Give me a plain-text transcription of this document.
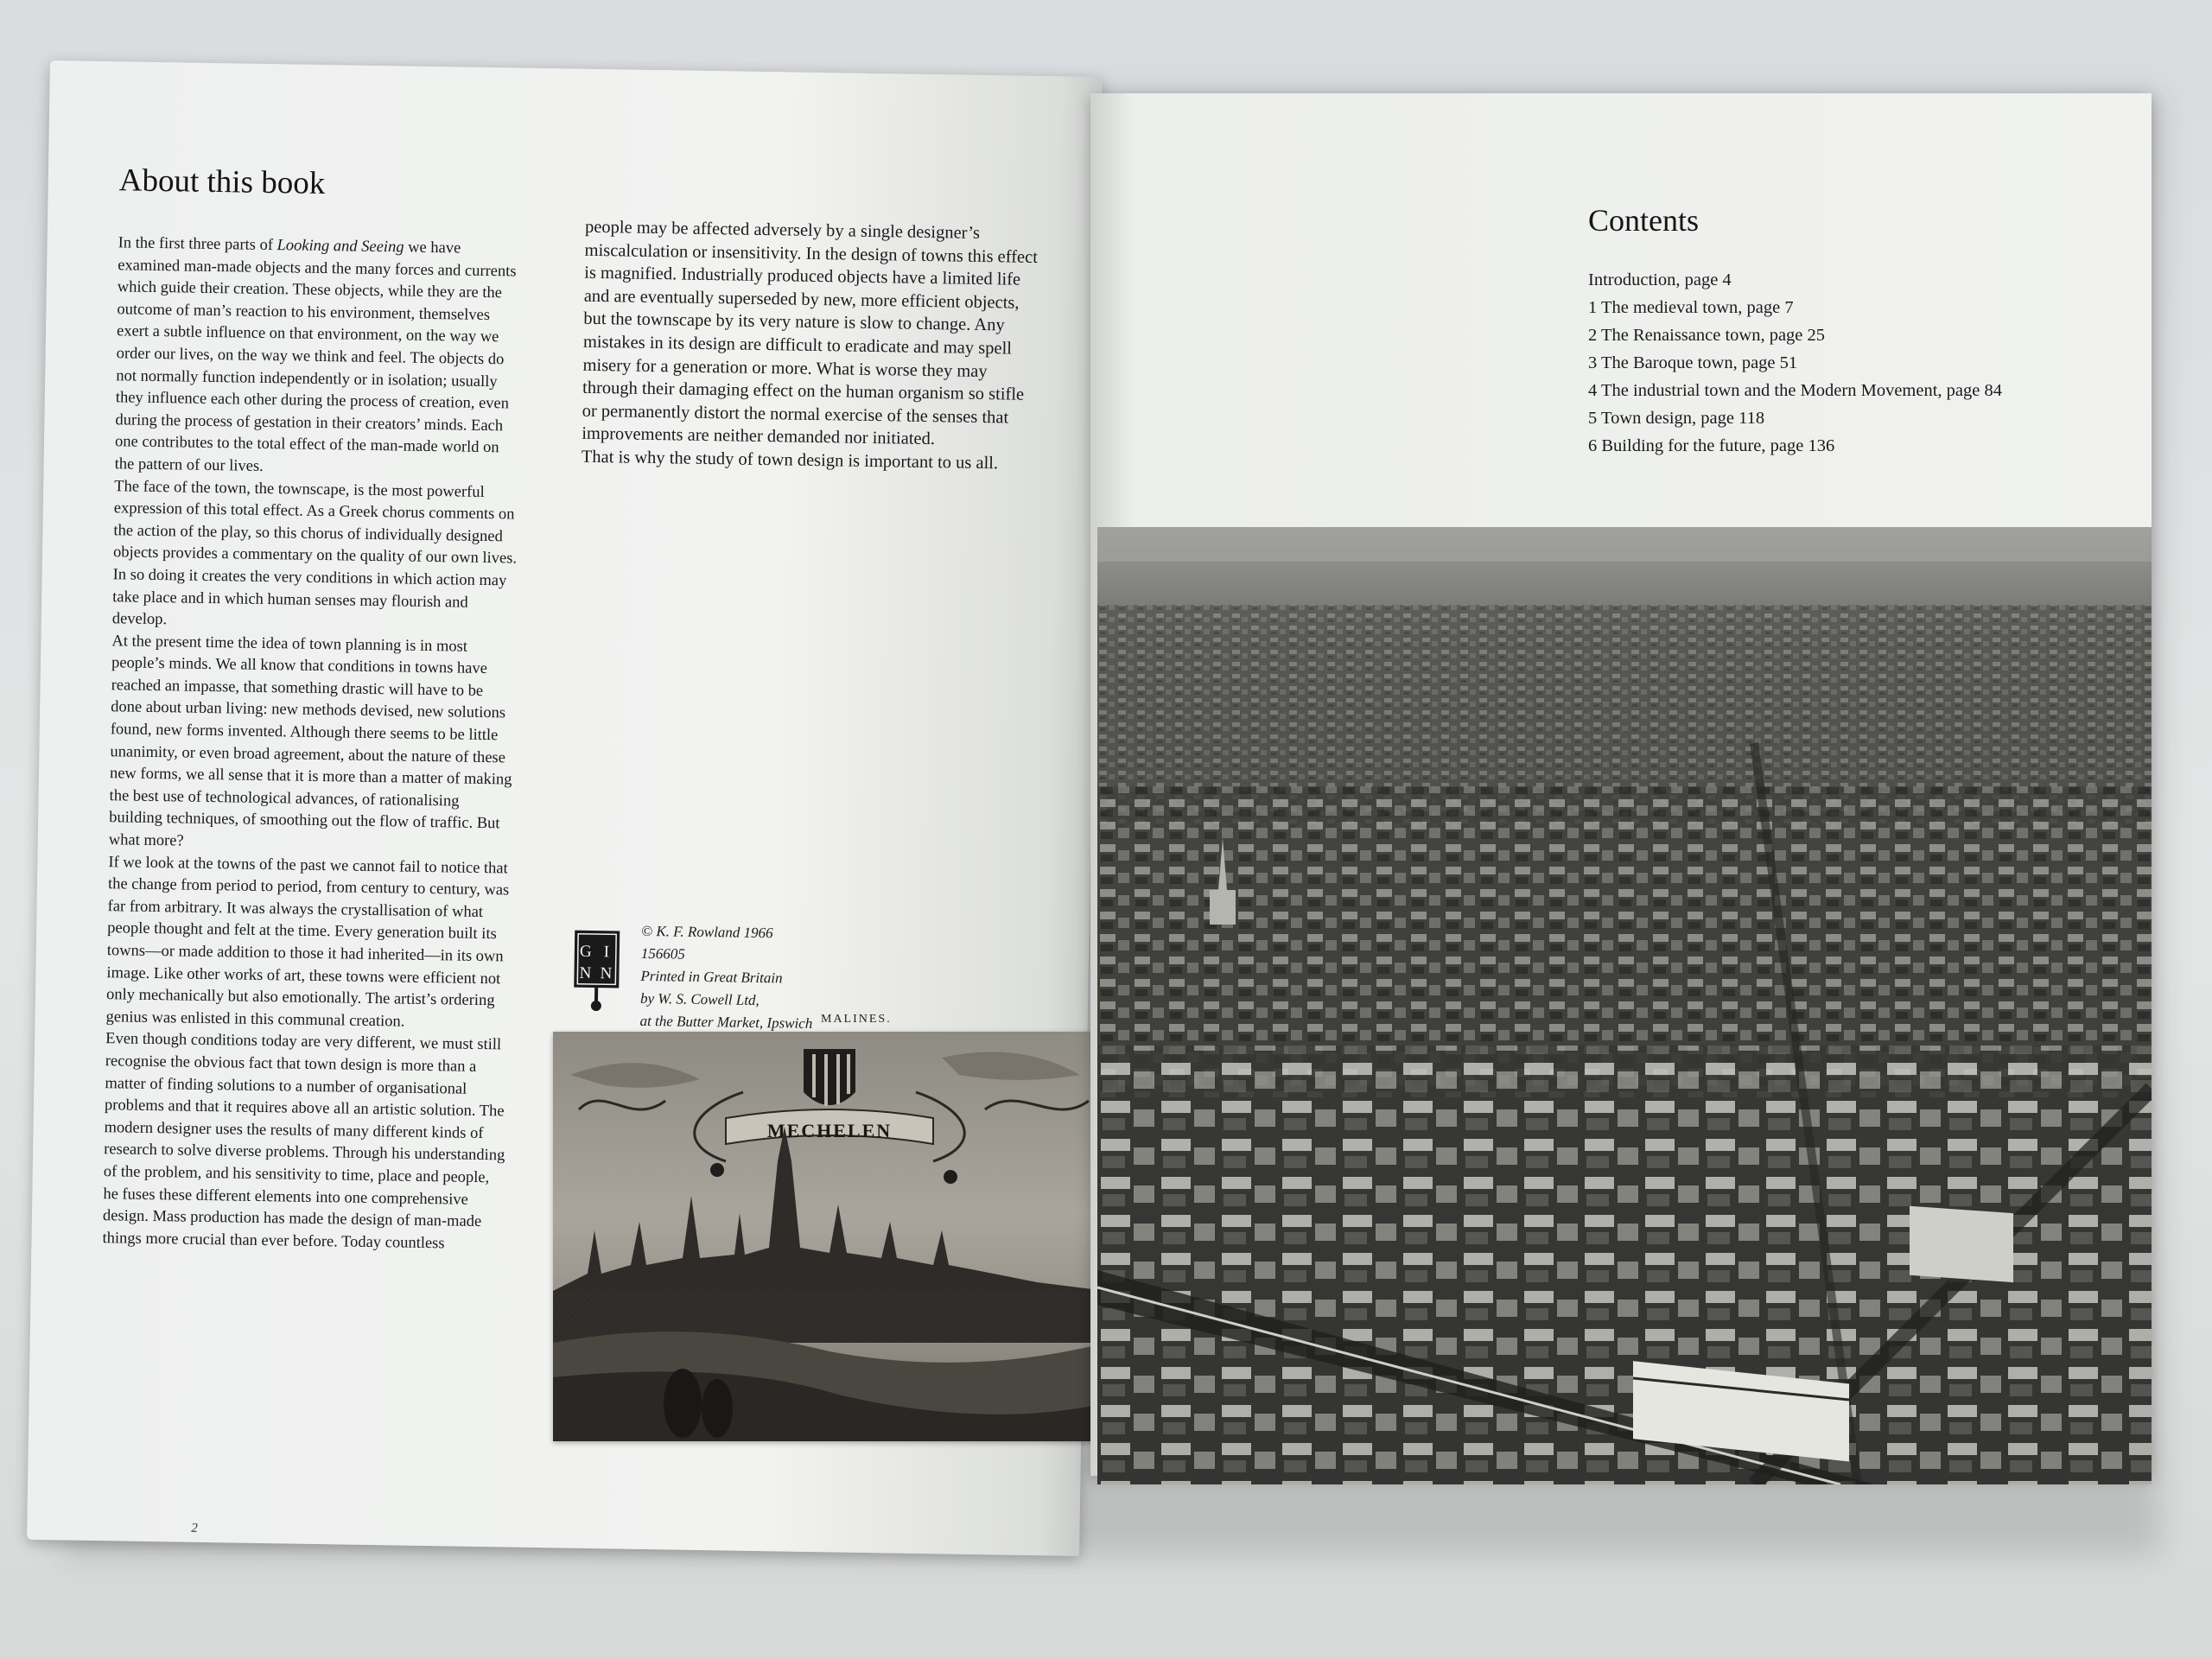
About this book

In the first three parts of Looking and Seeing we have examined man-made objects and the many forces and currents which guide their creation. These objects, while they are the outcome of man’s reaction to his environment, themselves exert a subtle influence on that environment, on the way we order our lives, on the way we think and feel. The objects do not normally function independently or in isolation; usually they influence each other during the process of creation, even during the process of gestation in their creators’ minds. Each one contributes to the total effect of the man-made world on the pattern of our lives.

The face of the town, the townscape, is the most powerful expression of this total effect. As a Greek chorus comments on the action of the play, so this chorus of individually designed objects provides a commentary on the quality of our own lives. In so doing it creates the very conditions in which action may take place and in which human senses may flourish and develop.

At the present time the idea of town planning is in most people’s minds. We all know that conditions in towns have reached an impasse, that something drastic will have to be done about urban living: new methods devised, new solutions found, new forms invented. Although there seems to be little unanimity, or even broad agreement, about the nature of these new forms, we all sense that it is more than a matter of making the best use of technological advances, of rationalising building techniques, of smoothing out the flow of traffic. But what more?

If we look at the towns of the past we cannot fail to notice that the change from period to period, from century to century, was far from arbitrary. It was always the crystallisation of what people thought and felt at the time. Every generation built its towns—or made addition to those it had inherited—in its own image. Like other works of art, these towns were efficient not only mechanically but also emotionally. The artist’s ordering genius was enlisted in this communal creation.

Even though conditions today are very different, we must still recognise the obvious fact that town design is more than a matter of finding solutions to a number of organisational problems and that it requires above all an artistic solution. The modern designer uses the results of many different kinds of research to solve diverse problems. Through his understanding of the problem, and his sensitivity to time, place and people, he fuses these different elements into one comprehensive design. Mass production has made the design of man-made things more crucial than ever before. Today countless

people may be affected adversely by a single designer’s miscalculation or insensitivity. In the design of towns this effect is magnified. Industrially produced objects have a limited life and are eventually superseded by new, more efficient objects, but the townscape by its very nature is slow to change. Any mistakes in its design are difficult to eradicate and may spell misery for a generation or more. What is worse they may through their damaging effect on the human organism so stifle or permanently distort the normal exercise of the senses that improvements are neither demanded nor initiated.

That is why the study of town design is important to us all.

G I
N N
© K. F. Rowland 1966
156605
Printed in Great Britain
by W. S. Cowell Ltd,
at the Butter Market, Ipswich
2
MALINES.
MECHELEN
Contents
Introduction, page 4
1 The medieval town, page 7
2 The Renaissance town, page 25
3 The Baroque town, page 51
4 The industrial town and the Modern Movement, page 84
5 Town design, page 118
6 Building for the future, page 136
